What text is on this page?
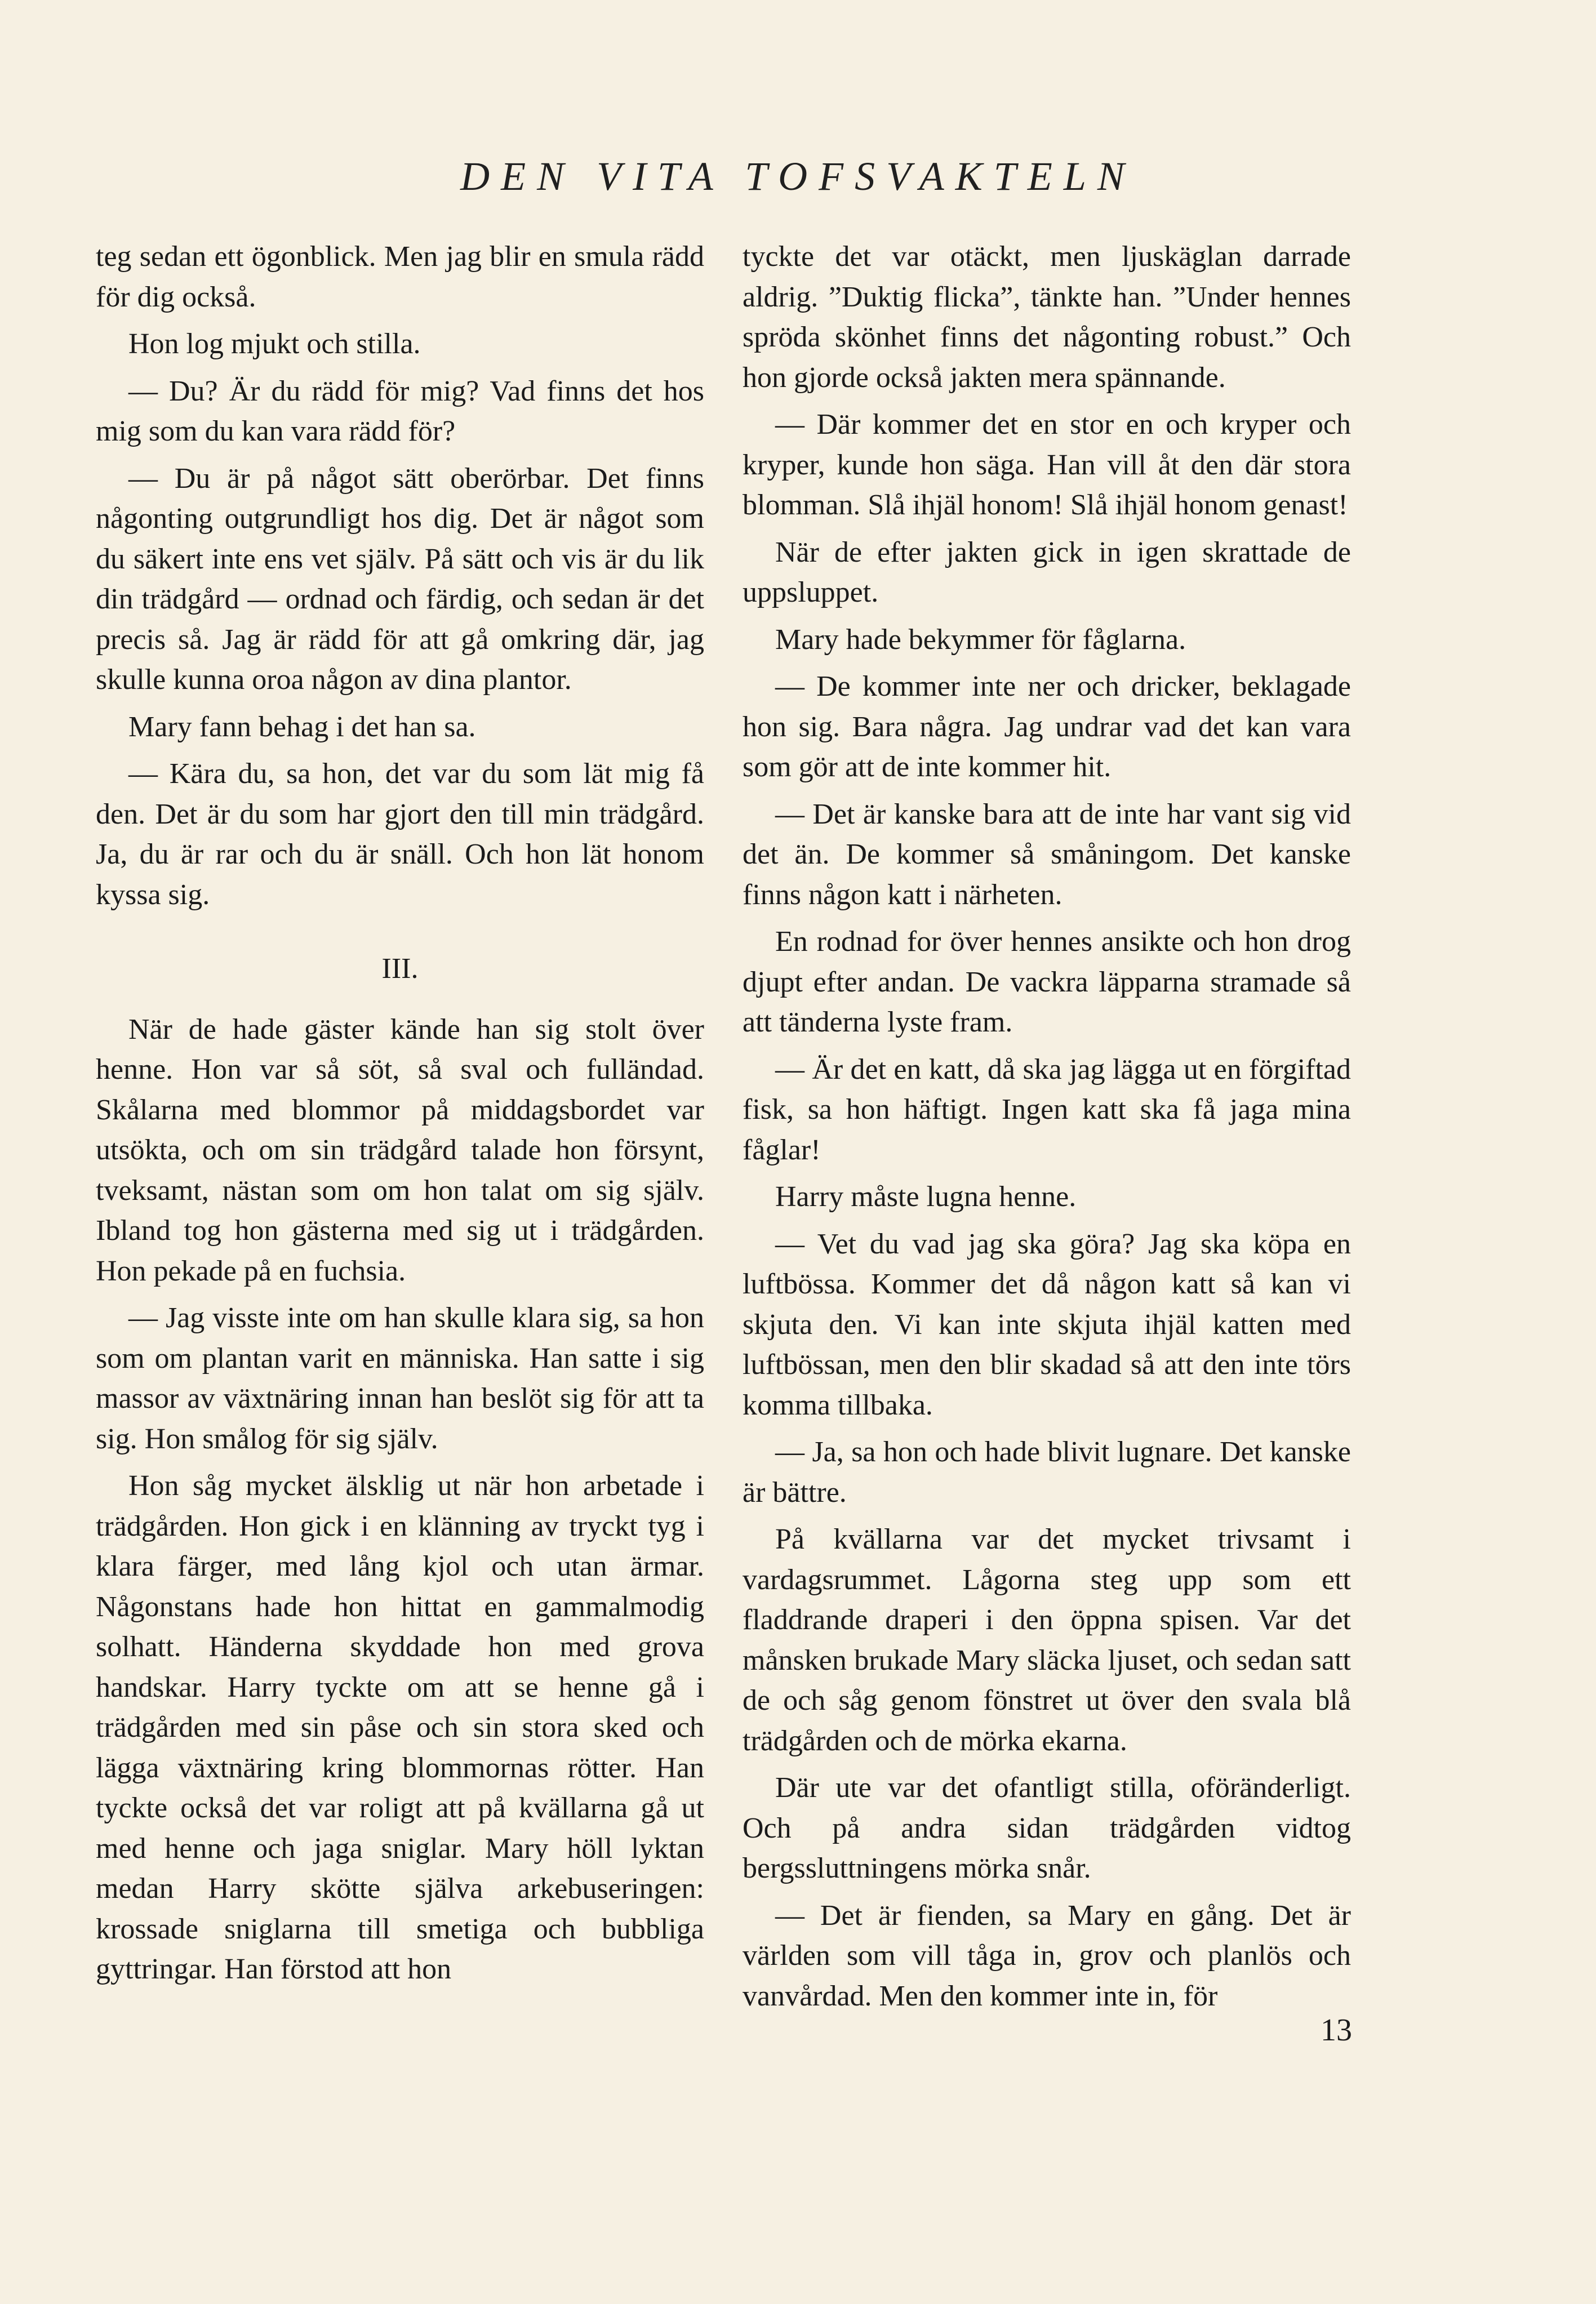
DEN VITA TOFSVAKTELN

teg sedan ett ögonblick. Men jag blir en smula rädd för dig också.

Hon log mjukt och stilla.

— Du? Är du rädd för mig? Vad finns det hos mig som du kan vara rädd för?

— Du är på något sätt oberörbar. Det finns någonting outgrundligt hos dig. Det är något som du säkert inte ens vet själv. På sätt och vis är du lik din trädgård — ordnad och färdig, och sedan är det precis så. Jag är rädd för att gå omkring där, jag skulle kunna oroa någon av dina plantor.

Mary fann behag i det han sa.

— Kära du, sa hon, det var du som lät mig få den. Det är du som har gjort den till min trädgård. Ja, du är rar och du är snäll. Och hon lät honom kyssa sig.

III.

När de hade gäster kände han sig stolt över henne. Hon var så söt, så sval och fulländad. Skålarna med blommor på middagsbordet var utsökta, och om sin trädgård talade hon försynt, tveksamt, nästan som om hon talat om sig själv. Ibland tog hon gästerna med sig ut i trädgården. Hon pekade på en fuchsia.

— Jag visste inte om han skulle klara sig, sa hon som om plantan varit en människa. Han satte i sig massor av växtnäring innan han beslöt sig för att ta sig. Hon smålog för sig själv.

Hon såg mycket älsklig ut när hon arbetade i trädgården. Hon gick i en klänning av tryckt tyg i klara färger, med lång kjol och utan ärmar. Någonstans hade hon hittat en gammalmodig solhatt. Händerna skyddade hon med grova handskar. Harry tyckte om att se henne gå i trädgården med sin påse och sin stora sked och lägga växtnäring kring blommornas rötter. Han tyckte också det var roligt att på kvällarna gå ut med henne och jaga sniglar. Mary höll lyktan medan Harry skötte själva arkebuseringen: krossade sniglarna till smetiga och bubbliga gyttringar. Han förstod att hon

tyckte det var otäckt, men ljuskäglan darrade aldrig. ”Duktig flicka”, tänkte han. ”Under hennes spröda skönhet finns det någonting robust.” Och hon gjorde också jakten mera spännande.

— Där kommer det en stor en och kryper och kryper, kunde hon säga. Han vill åt den där stora blomman. Slå ihjäl honom! Slå ihjäl honom genast!

När de efter jakten gick in igen skrattade de uppsluppet.

Mary hade bekymmer för fåglarna.

— De kommer inte ner och dricker, beklagade hon sig. Bara några. Jag undrar vad det kan vara som gör att de inte kommer hit.

— Det är kanske bara att de inte har vant sig vid det än. De kommer så småningom. Det kanske finns någon katt i närheten.

En rodnad for över hennes ansikte och hon drog djupt efter andan. De vackra läpparna stramade så att tänderna lyste fram.

— Är det en katt, då ska jag lägga ut en förgiftad fisk, sa hon häftigt. Ingen katt ska få jaga mina fåglar!

Harry måste lugna henne.

— Vet du vad jag ska göra? Jag ska köpa en luftbössa. Kommer det då någon katt så kan vi skjuta den. Vi kan inte skjuta ihjäl katten med luftbössan, men den blir skadad så att den inte törs komma tillbaka.

— Ja, sa hon och hade blivit lugnare. Det kanske är bättre.

På kvällarna var det mycket trivsamt i vardagsrummet. Lågorna steg upp som ett fladdrande draperi i den öppna spisen. Var det månsken brukade Mary släcka ljuset, och sedan satt de och såg genom fönstret ut över den svala blå trädgården och de mörka ekarna.

Där ute var det ofantligt stilla, oföränderligt. Och på andra sidan trädgården vidtog bergssluttningens mörka snår.

— Det är fienden, sa Mary en gång. Det är världen som vill tåga in, grov och planlös och vanvårdad. Men den kommer inte in, för

13
